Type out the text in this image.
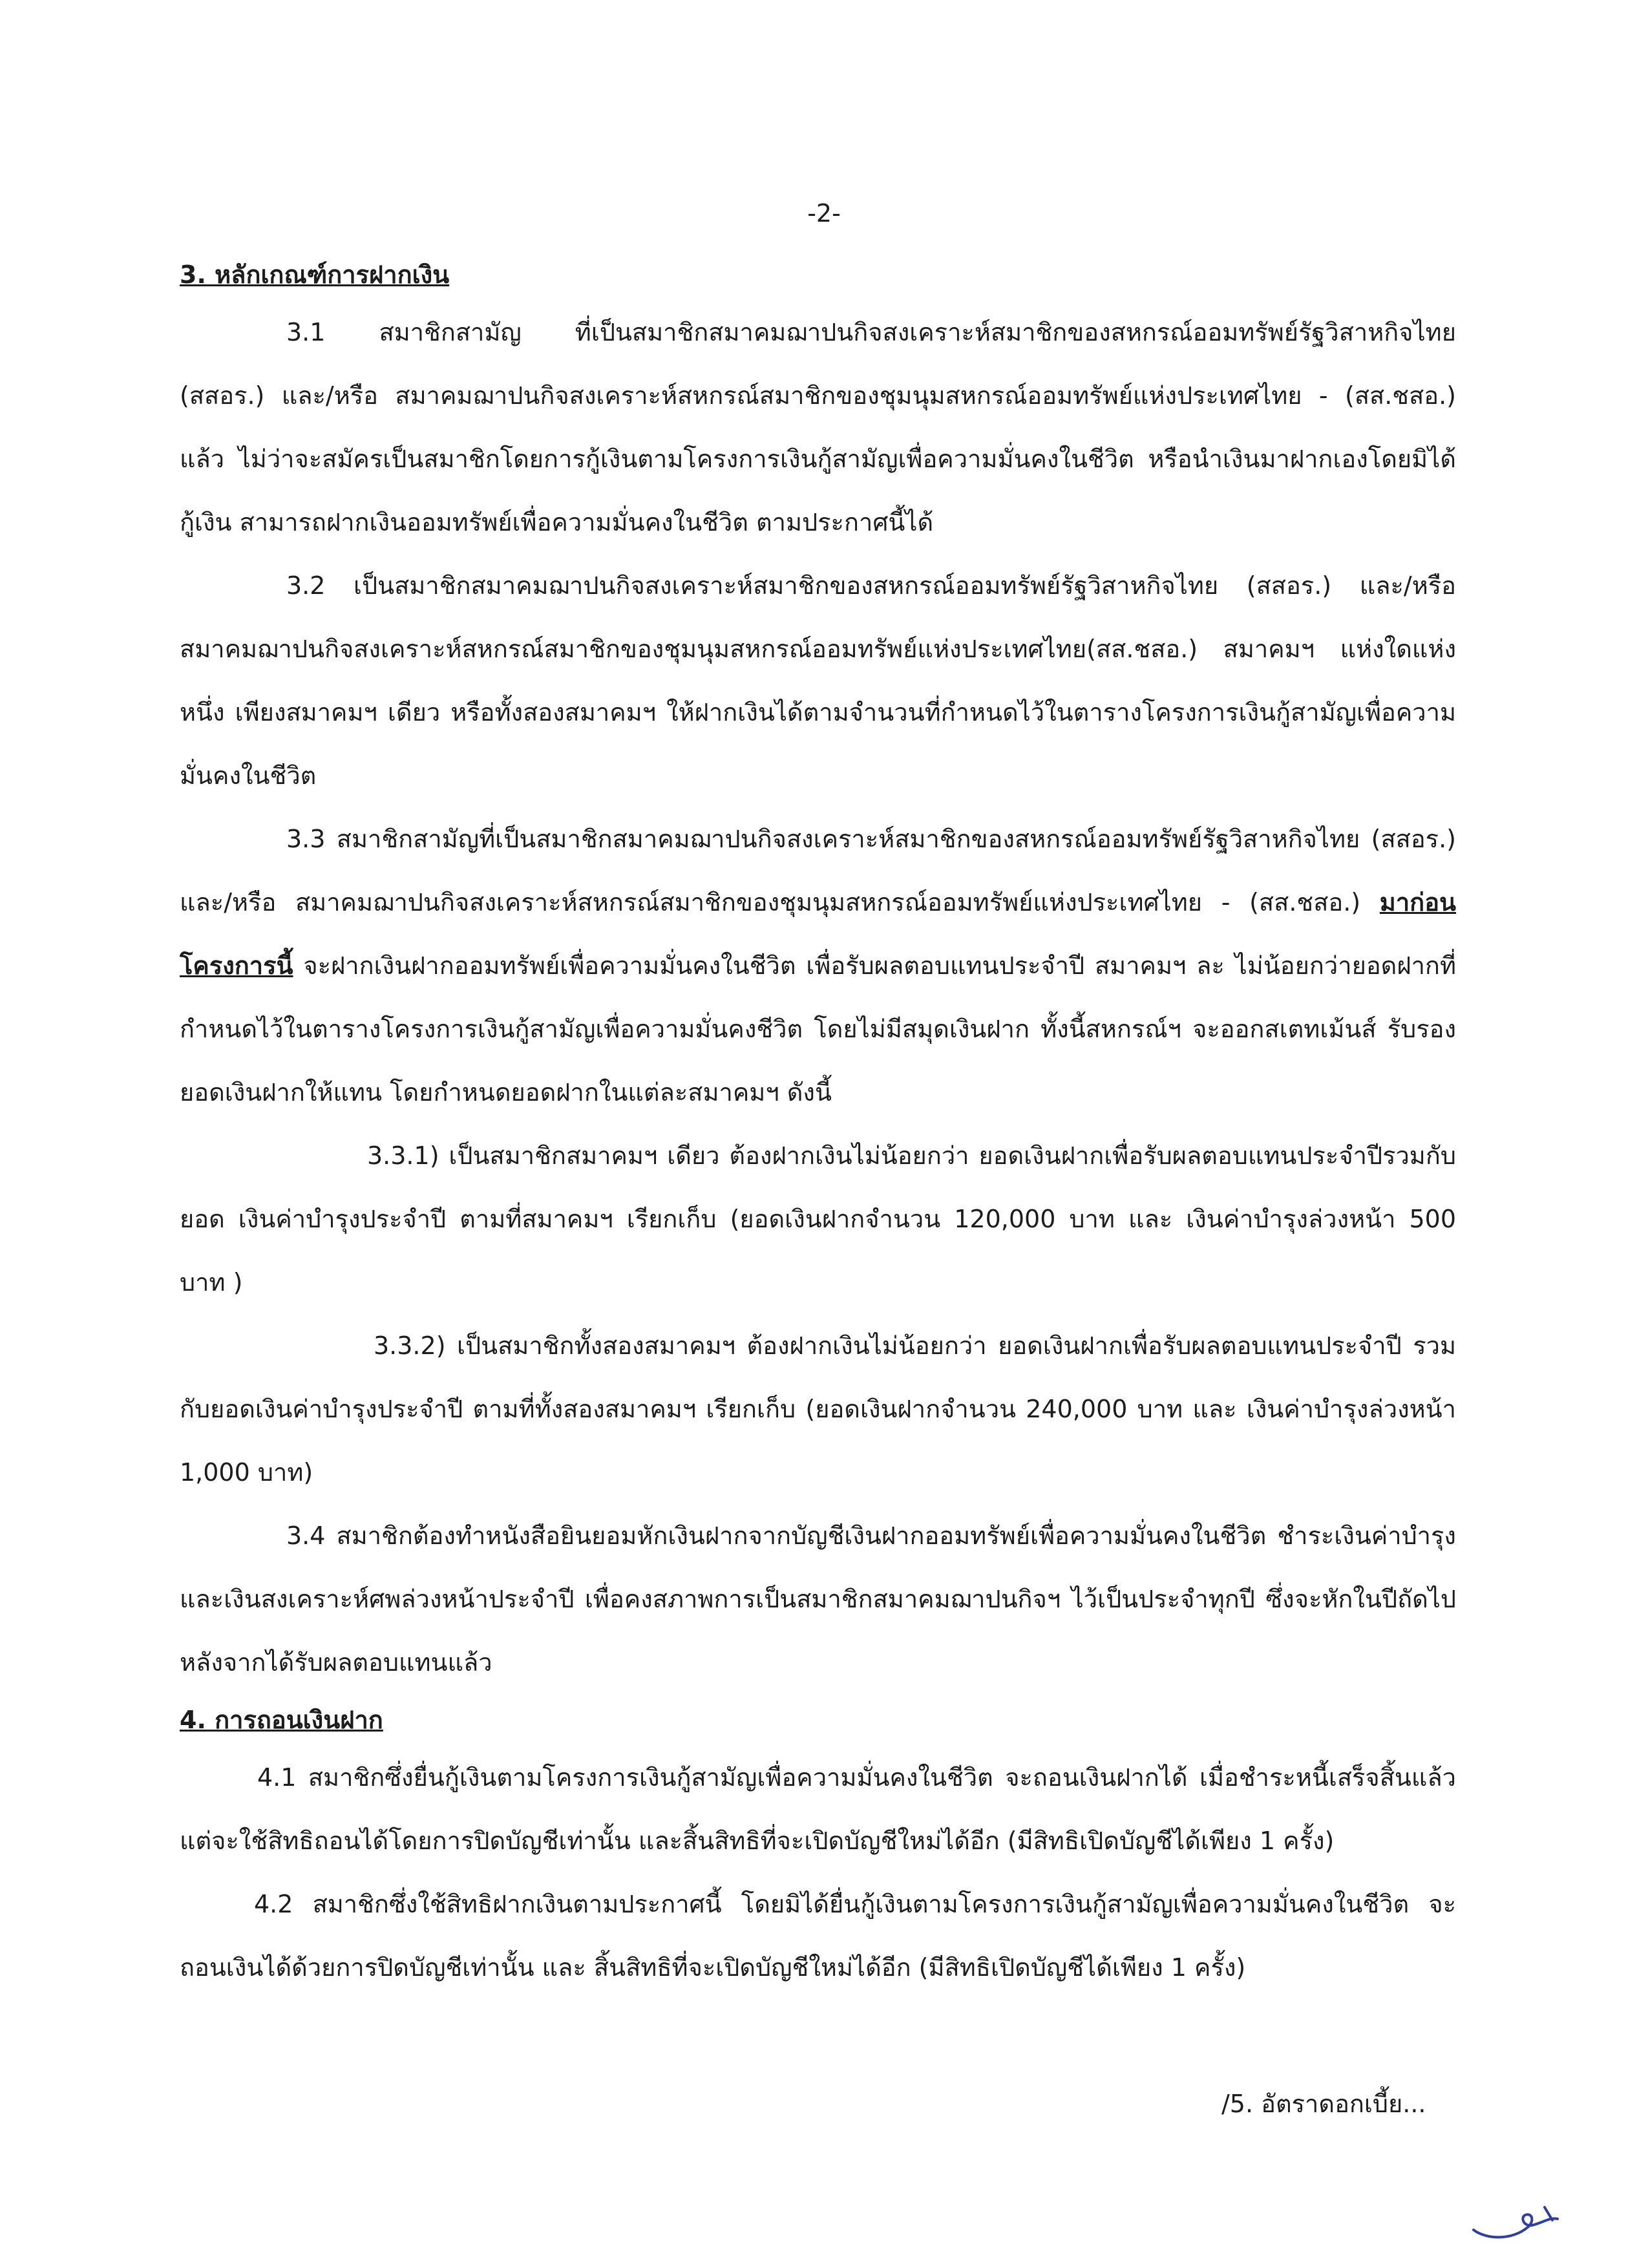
-2-
3. หลักเกณฑ์การฝากเงิน

3.1 สมาชิกสามัญ ที่เป็นสมาชิกสมาคมฌาปนกิจสงเคราะห์สมาชิกของสหกรณ์ออมทรัพย์รัฐวิสาหกิจไทย (สสอร.) และ/หรือ สมาคมฌาปนกิจสงเคราะห์สหกรณ์สมาชิกของชุมนุมสหกรณ์ออมทรัพย์แห่งประเทศไทย - (สส.ชสอ.) แล้ว ไม่ว่าจะสมัครเป็นสมาชิกโดยการกู้เงินตามโครงการเงินกู้สามัญเพื่อความมั่นคงในชีวิต หรือนำเงินมาฝากเองโดยมิได้กู้เงิน สามารถฝากเงินออมทรัพย์เพื่อความมั่นคงในชีวิต ตามประกาศนี้ได้

3.2 เป็นสมาชิกสมาคมฌาปนกิจสงเคราะห์สมาชิกของสหกรณ์ออมทรัพย์รัฐวิสาหกิจไทย (สสอร.) และ/หรือ สมาคมฌาปนกิจสงเคราะห์สหกรณ์สมาชิกของชุมนุมสหกรณ์ออมทรัพย์แห่งประเทศไทย(สส.ชสอ.) สมาคมฯ แห่งใดแห่งหนึ่ง เพียงสมาคมฯ เดียว หรือทั้งสองสมาคมฯ ให้ฝากเงินได้ตามจำนวนที่กำหนดไว้ในตารางโครงการเงินกู้สามัญเพื่อความมั่นคงในชีวิต

3.3 สมาชิกสามัญที่เป็นสมาชิกสมาคมฌาปนกิจสงเคราะห์สมาชิกของสหกรณ์ออมทรัพย์รัฐวิสาหกิจไทย (สสอร.) และ/หรือ สมาคมฌาปนกิจสงเคราะห์สหกรณ์สมาชิกของชุมนุมสหกรณ์ออมทรัพย์แห่งประเทศไทย - (สส.ชสอ.) มาก่อนโครงการนี้ จะฝากเงินฝากออมทรัพย์เพื่อความมั่นคงในชีวิต เพื่อรับผลตอบแทนประจำปี สมาคมฯ ละ ไม่น้อยกว่ายอดฝากที่กำหนดไว้ในตารางโครงการเงินกู้สามัญเพื่อความมั่นคงชีวิต โดยไม่มีสมุดเงินฝาก ทั้งนี้สหกรณ์ฯ จะออกสเตทเม้นส์ รับรองยอดเงินฝากให้แทน โดยกำหนดยอดฝากในแต่ละสมาคมฯ ดังนี้

3.3.1) เป็นสมาชิกสมาคมฯ เดียว ต้องฝากเงินไม่น้อยกว่า ยอดเงินฝากเพื่อรับผลตอบแทนประจำปีรวมกับยอด เงินค่าบำรุงประจำปี ตามที่สมาคมฯ เรียกเก็บ (ยอดเงินฝากจำนวน 120,000 บาท และ เงินค่าบำรุงล่วงหน้า 500 บาท )

3.3.2) เป็นสมาชิกทั้งสองสมาคมฯ ต้องฝากเงินไม่น้อยกว่า ยอดเงินฝากเพื่อรับผลตอบแทนประจำปี รวมกับยอดเงินค่าบำรุงประจำปี ตามที่ทั้งสองสมาคมฯ เรียกเก็บ (ยอดเงินฝากจำนวน 240,000 บาท และ เงินค่าบำรุงล่วงหน้า 1,000 บาท)

3.4 สมาชิกต้องทำหนังสือยินยอมหักเงินฝากจากบัญชีเงินฝากออมทรัพย์เพื่อความมั่นคงในชีวิต ชำระเงินค่าบำรุงและเงินสงเคราะห์ศพล่วงหน้าประจำปี เพื่อคงสภาพการเป็นสมาชิกสมาคมฌาปนกิจฯ ไว้เป็นประจำทุกปี ซึ่งจะหักในปีถัดไปหลังจากได้รับผลตอบแทนแล้ว

4. การถอนเงินฝาก

4.1 สมาชิกซึ่งยื่นกู้เงินตามโครงการเงินกู้สามัญเพื่อความมั่นคงในชีวิต จะถอนเงินฝากได้ เมื่อชำระหนี้เสร็จสิ้นแล้ว แต่จะใช้สิทธิถอนได้โดยการปิดบัญชีเท่านั้น และสิ้นสิทธิที่จะเปิดบัญชีใหม่ได้อีก (มีสิทธิเปิดบัญชีได้เพียง 1 ครั้ง)

4.2 สมาชิกซึ่งใช้สิทธิฝากเงินตามประกาศนี้ โดยมิได้ยื่นกู้เงินตามโครงการเงินกู้สามัญเพื่อความมั่นคงในชีวิต จะถอนเงินได้ด้วยการปิดบัญชีเท่านั้น และ สิ้นสิทธิที่จะเปิดบัญชีใหม่ได้อีก (มีสิทธิเปิดบัญชีได้เพียง 1 ครั้ง)

/5. อัตราดอกเบี้ย...
